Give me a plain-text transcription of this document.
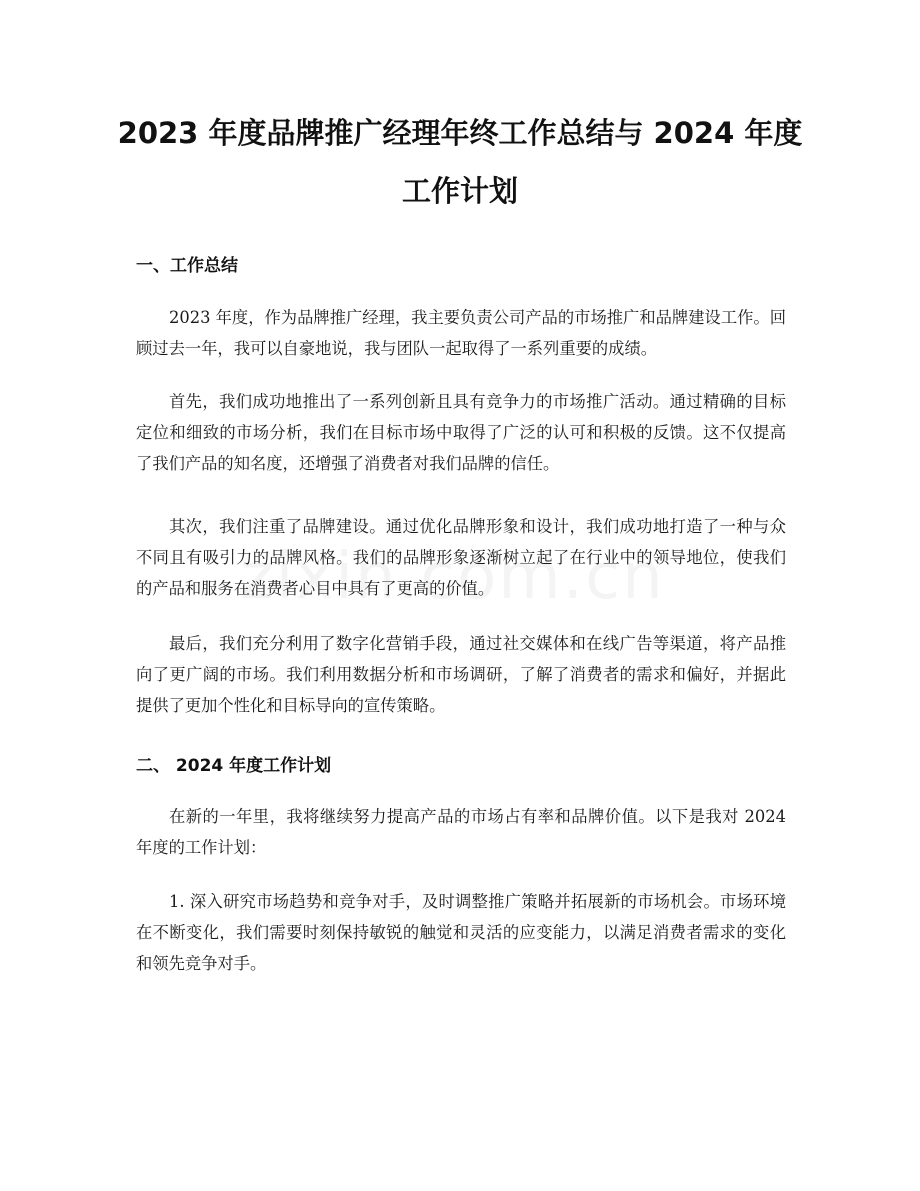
2023 年度品牌推广经理年终工作总结与 2024 年度工作计划
一、工作总结

2023 年度，作为品牌推广经理，我主要负责公司产品的市场推广和品牌建设工作。回顾过去一年，我可以自豪地说，我与团队一起取得了一系列重要的成绩。

首先，我们成功地推出了一系列创新且具有竞争力的市场推广活动。通过精确的目标定位和细致的市场分析，我们在目标市场中取得了广泛的认可和积极的反馈。这不仅提高了我们产品的知名度，还增强了消费者对我们品牌的信任。

其次，我们注重了品牌建设。通过优化品牌形象和设计，我们成功地打造了一种与众不同且有吸引力的品牌风格。我们的品牌形象逐渐树立起了在行业中的领导地位，使我们的产品和服务在消费者心目中具有了更高的价值。

最后，我们充分利用了数字化营销手段，通过社交媒体和在线广告等渠道，将产品推向了更广阔的市场。我们利用数据分析和市场调研，了解了消费者的需求和偏好，并据此提供了更加个性化和目标导向的宣传策略。

二、 2024 年度工作计划

在新的一年里，我将继续努力提高产品的市场占有率和品牌价值。以下是我对 2024 年度的工作计划：

1. 深入研究市场趋势和竞争对手，及时调整推广策略并拓展新的市场机会。市场环境在不断变化，我们需要时刻保持敏锐的触觉和灵活的应变能力，以满足消费者需求的变化和领先竞争对手。
